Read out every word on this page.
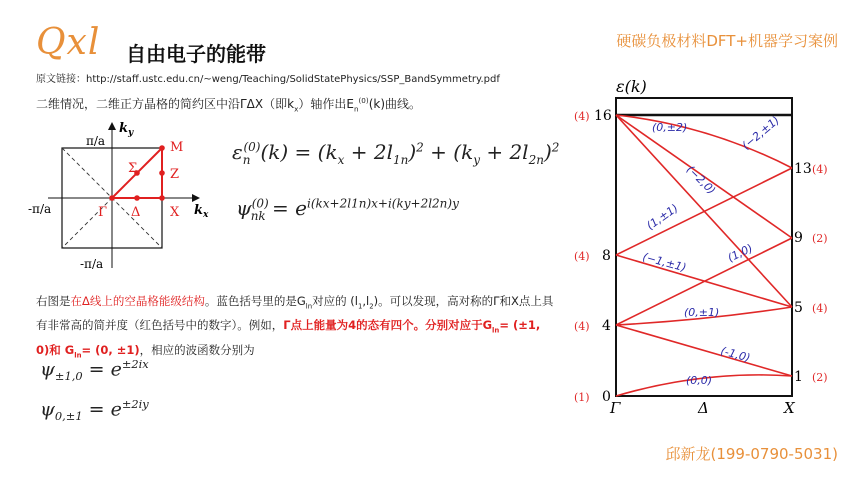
Qxl 自由电子的能带
硬碳负极材料DFT+机器学习案例
原文链接：http://staff.ustc.edu.cn/~weng/Teaching/SolidStatePhysics/SSP_BandSymmetry.pdf
二维情况，二维正方晶格的简约区中沿ΓΔX（即$k_x$）轴作出$E_n^{(0)}(k)$曲线。
$k_y$
$k_x$
π/a
-π/a
-π/a
M
Z
X
Γ Δ
Σ
$\varepsilon_n^{(0)}(k) = (k_x + 2l_{1n})^2 + (k_y + 2l_{2n})^2$
$\psi^{(0)}_{nk} = e^{i(kx+2l1n)x+i(ky+2l2n)y}$
右图是在Δ线上的空晶格能级结构。蓝色括号里的是$G_{ln}$对应的 $(l_1,l_2)$。可以发现，高对称的Γ和X点上具有非常高的简并度（红色括号中的数字）。例如，Γ点上能量为4的态有四个。分别对应于$G_{ln}= (\pm 1$, 0)和 $G_{ln}= (0$, ±1)，相应的波函数分别为
$\psi_{\pm 1,0} = e^{\pm 2ix}$
$\psi_{0,\pm 1} = e^{\pm 2iy}$
ε(k)
(0,±2)	(−2,±1)
(−2,0)
(1,±1)
(−1,±1)	(1,0)
(0,±1)
(-1,0)
(0,0)
16
8
4
0
13
9
5
1
(4)
(4)
(4)
(1)
(4)
(2)
(4)
(2)
Γ	Δ	X
邱新龙(199-0790-5031)
